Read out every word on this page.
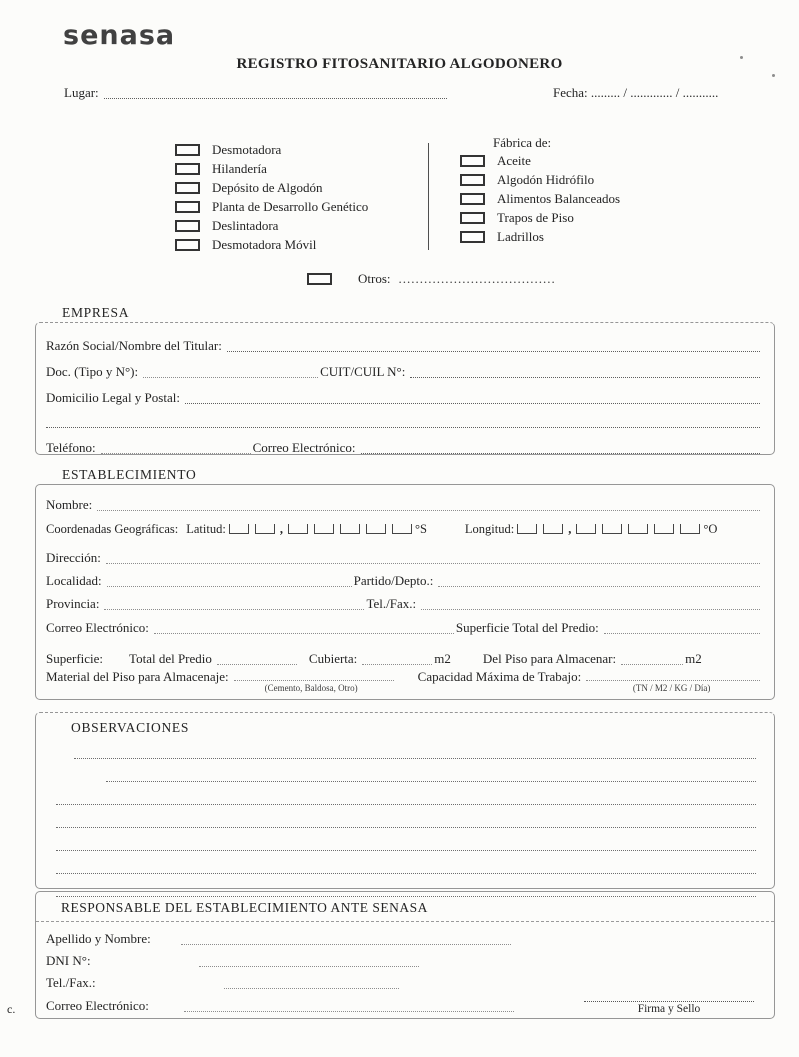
senasa
REGISTRO FITOSANITARIO ALGODONERO
Lugar:	Fecha: ......... / ............. / ...........
Desmotadora
Hilandería
Depósito de Algodón
Planta de Desarrollo Genético
Deslintadora
Desmotadora Móvil
Fábrica de:
Aceite
Algodón Hidrófilo
Alimentos Balanceados
Trapos de Piso
Ladrillos
Otros: .....................................
EMPRESA
Razón Social/Nombre del Titular:
Doc. (Tipo y N°):	CUIT/CUIL N°:
Domicilio Legal y Postal:
Teléfono:	Correo Electrónico:
ESTABLECIMIENTO
Nombre:
Coordenadas Geográficas: Latitud:	,	°S	Longitud:	,	°O
Dirección:
Localidad:	Partido/Depto.:
Provincia:	Tel./Fax.:
Correo Electrónico:	Superficie Total del Predio:
Superficie: Total del Predio	Cubierta:	m2 Del Piso para Almacenar:	m2
Material del Piso para Almacenaje:
(Cemento, Baldosa, Otro)
Capacidad Máxima de Trabajo:
(TN / M2 / KG / Día)
OBSERVACIONES
RESPONSABLE DEL ESTABLECIMIENTO ANTE SENASA
Apellido y Nombre:
DNI N°:
Tel./Fax.:
Correo Electrónico:	Firma y Sello
c.
